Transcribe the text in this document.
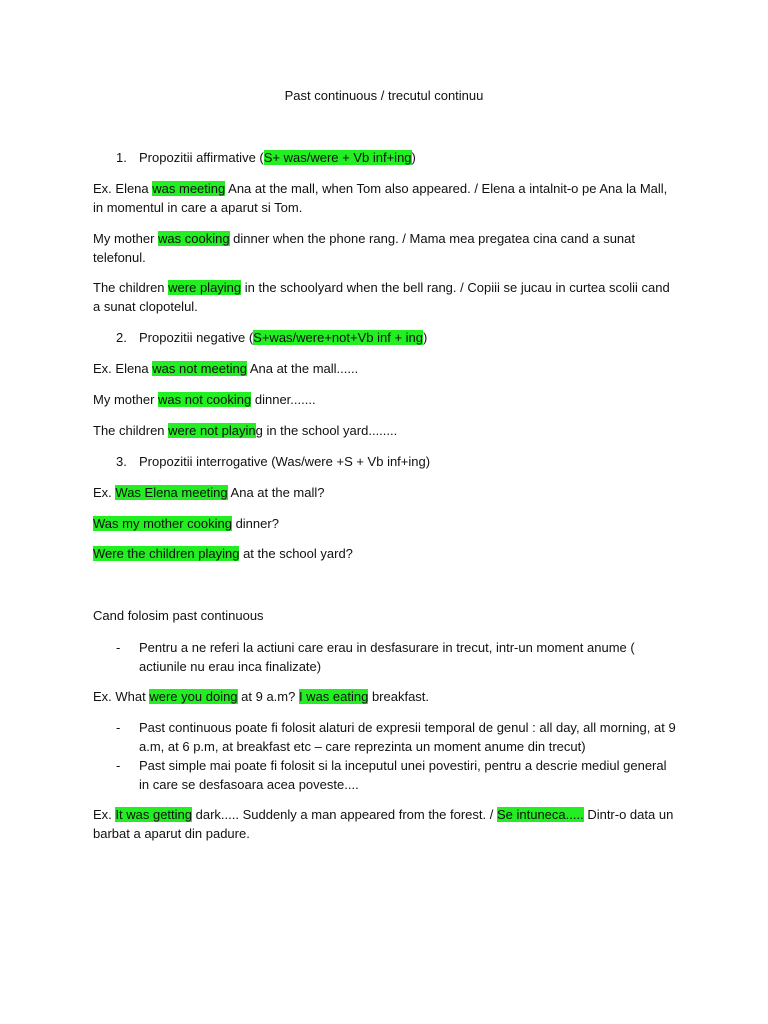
Past continuous / trecutul continuu
1. Propozitii affirmative (S+ was/were + Vb inf+ing)
Ex. Elena was meeting Ana at the mall, when Tom also appeared. / Elena a intalnit-o pe Ana la Mall, in momentul in care a aparut si Tom.
My mother was cooking dinner when the phone rang. / Mama mea pregatea cina cand a sunat telefonul.
The children were playing in the schoolyard when the bell rang. / Copiii se jucau in curtea scolii cand a sunat clopotelul.
2. Propozitii negative (S+was/were+not+Vb inf + ing)
Ex. Elena was not meeting Ana at the mall......
My mother was not cooking dinner.......
The children were not playing in the school yard........
3. Propozitii interrogative (Was/were +S + Vb inf+ing)
Ex. Was Elena meeting Ana at the mall?
Was my mother cooking dinner?
Were the children playing at the school yard?
Cand folosim past continuous
- Pentru a ne referi la actiuni care erau in desfasurare in trecut, intr-un moment anume ( actiunile nu erau inca finalizate)
Ex. What were you doing at 9 a.m? I was eating breakfast.
- Past continuous poate fi folosit alaturi de expresii temporal de genul : all day, all morning, at 9 a.m, at 6 p.m, at breakfast etc – care reprezinta un moment anume din trecut)
- Past simple mai poate fi folosit si la inceputul unei povestiri, pentru a descrie mediul general in care se desfasoara acea poveste....
Ex. It was getting dark..... Suddenly a man appeared from the forest. / Se intuneca..... Dintr-o data un barbat a aparut din padure.
